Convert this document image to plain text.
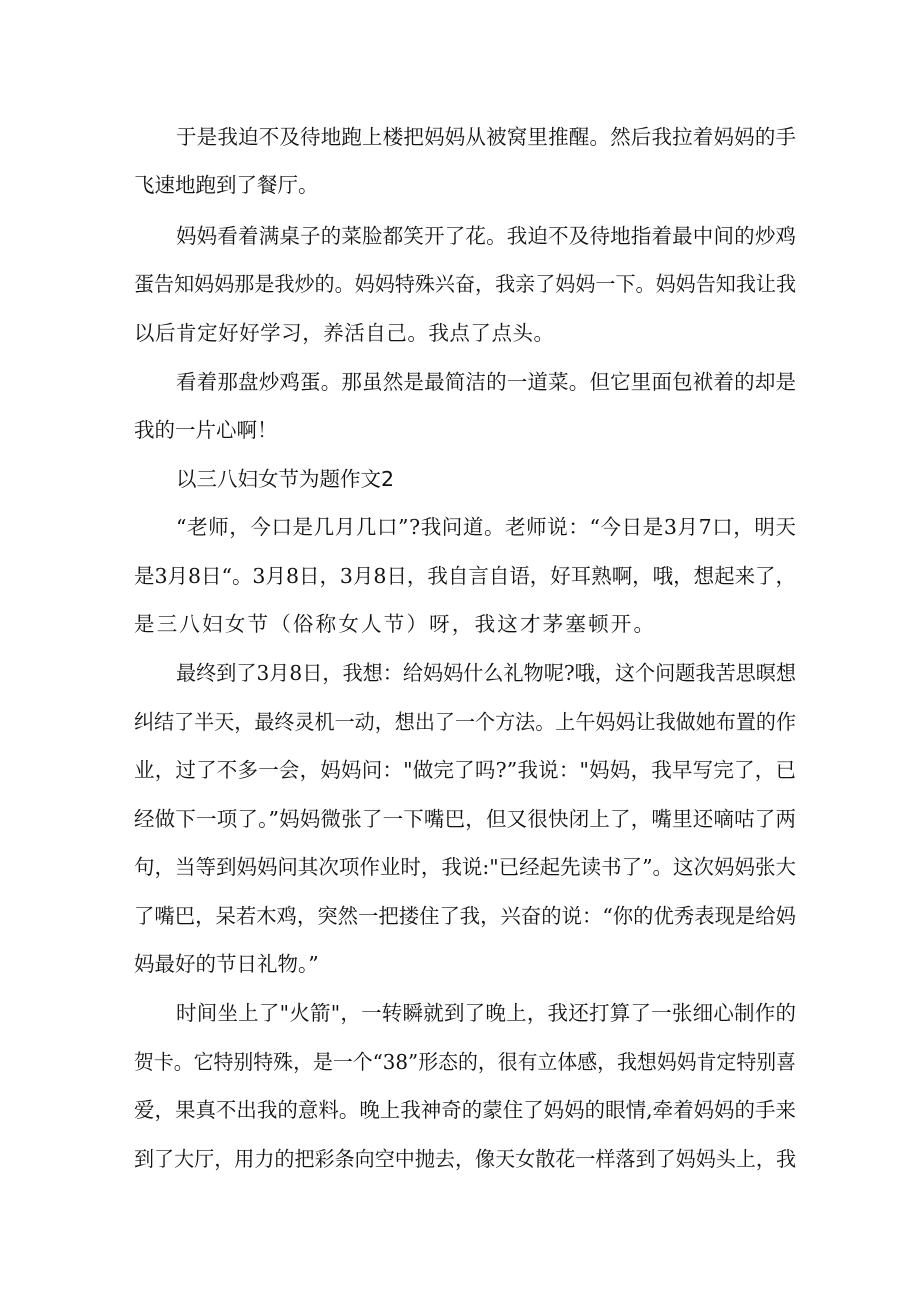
于是我迫不及待地跑上楼把妈妈从被窝里推醒。然后我拉着妈妈的手
飞速地跑到了餐厅。
妈妈看着满桌子的菜脸都笑开了花。我迫不及待地指着最中间的炒鸡
蛋告知妈妈那是我炒的。妈妈特殊兴奋，我亲了妈妈一下。妈妈告知我让我
以后肯定好好学习，养活自己。我点了点头。
看着那盘炒鸡蛋。那虽然是最简洁的一道菜。但它里面包袱着的却是
我的一片心啊！
以三八妇女节为题作文2
“老师，今口是几月几口”?我问道。老师说：“今日是3月7口，明天
是3月8日“。3月8日，3月8日，我自言自语，好耳熟啊，哦，想起来了，
是三八妇女节（俗称女人节）呀，我这才茅塞顿开。
最终到了3月8日，我想：给妈妈什么礼物呢?哦，这个问题我苦思暝想
纠结了半天，最终灵机一动，想出了一个方法。上午妈妈让我做她布置的作
业，过了不多一会，妈妈问："做完了吗?”我说："妈妈，我早写完了，已
经做下一项了。”妈妈微张了一下嘴巴，但又很快闭上了，嘴里还嘀咕了两
句，当等到妈妈问其次项作业时，我说:"已经起先读书了”。这次妈妈张大
了嘴巴，呆若木鸡，突然一把搂住了我，兴奋的说：“你的优秀表现是给妈
妈最好的节日礼物。”
时间坐上了"火箭"，一转瞬就到了晚上，我还打算了一张细心制作的
贺卡。它特别特殊，是一个“38”形态的，很有立体感，我想妈妈肯定特别喜
爱，果真不出我的意料。晚上我神奇的蒙住了妈妈的眼情,牵着妈妈的手来
到了大厅，用力的把彩条向空中抛去，像天女散花一样落到了妈妈头上，我
